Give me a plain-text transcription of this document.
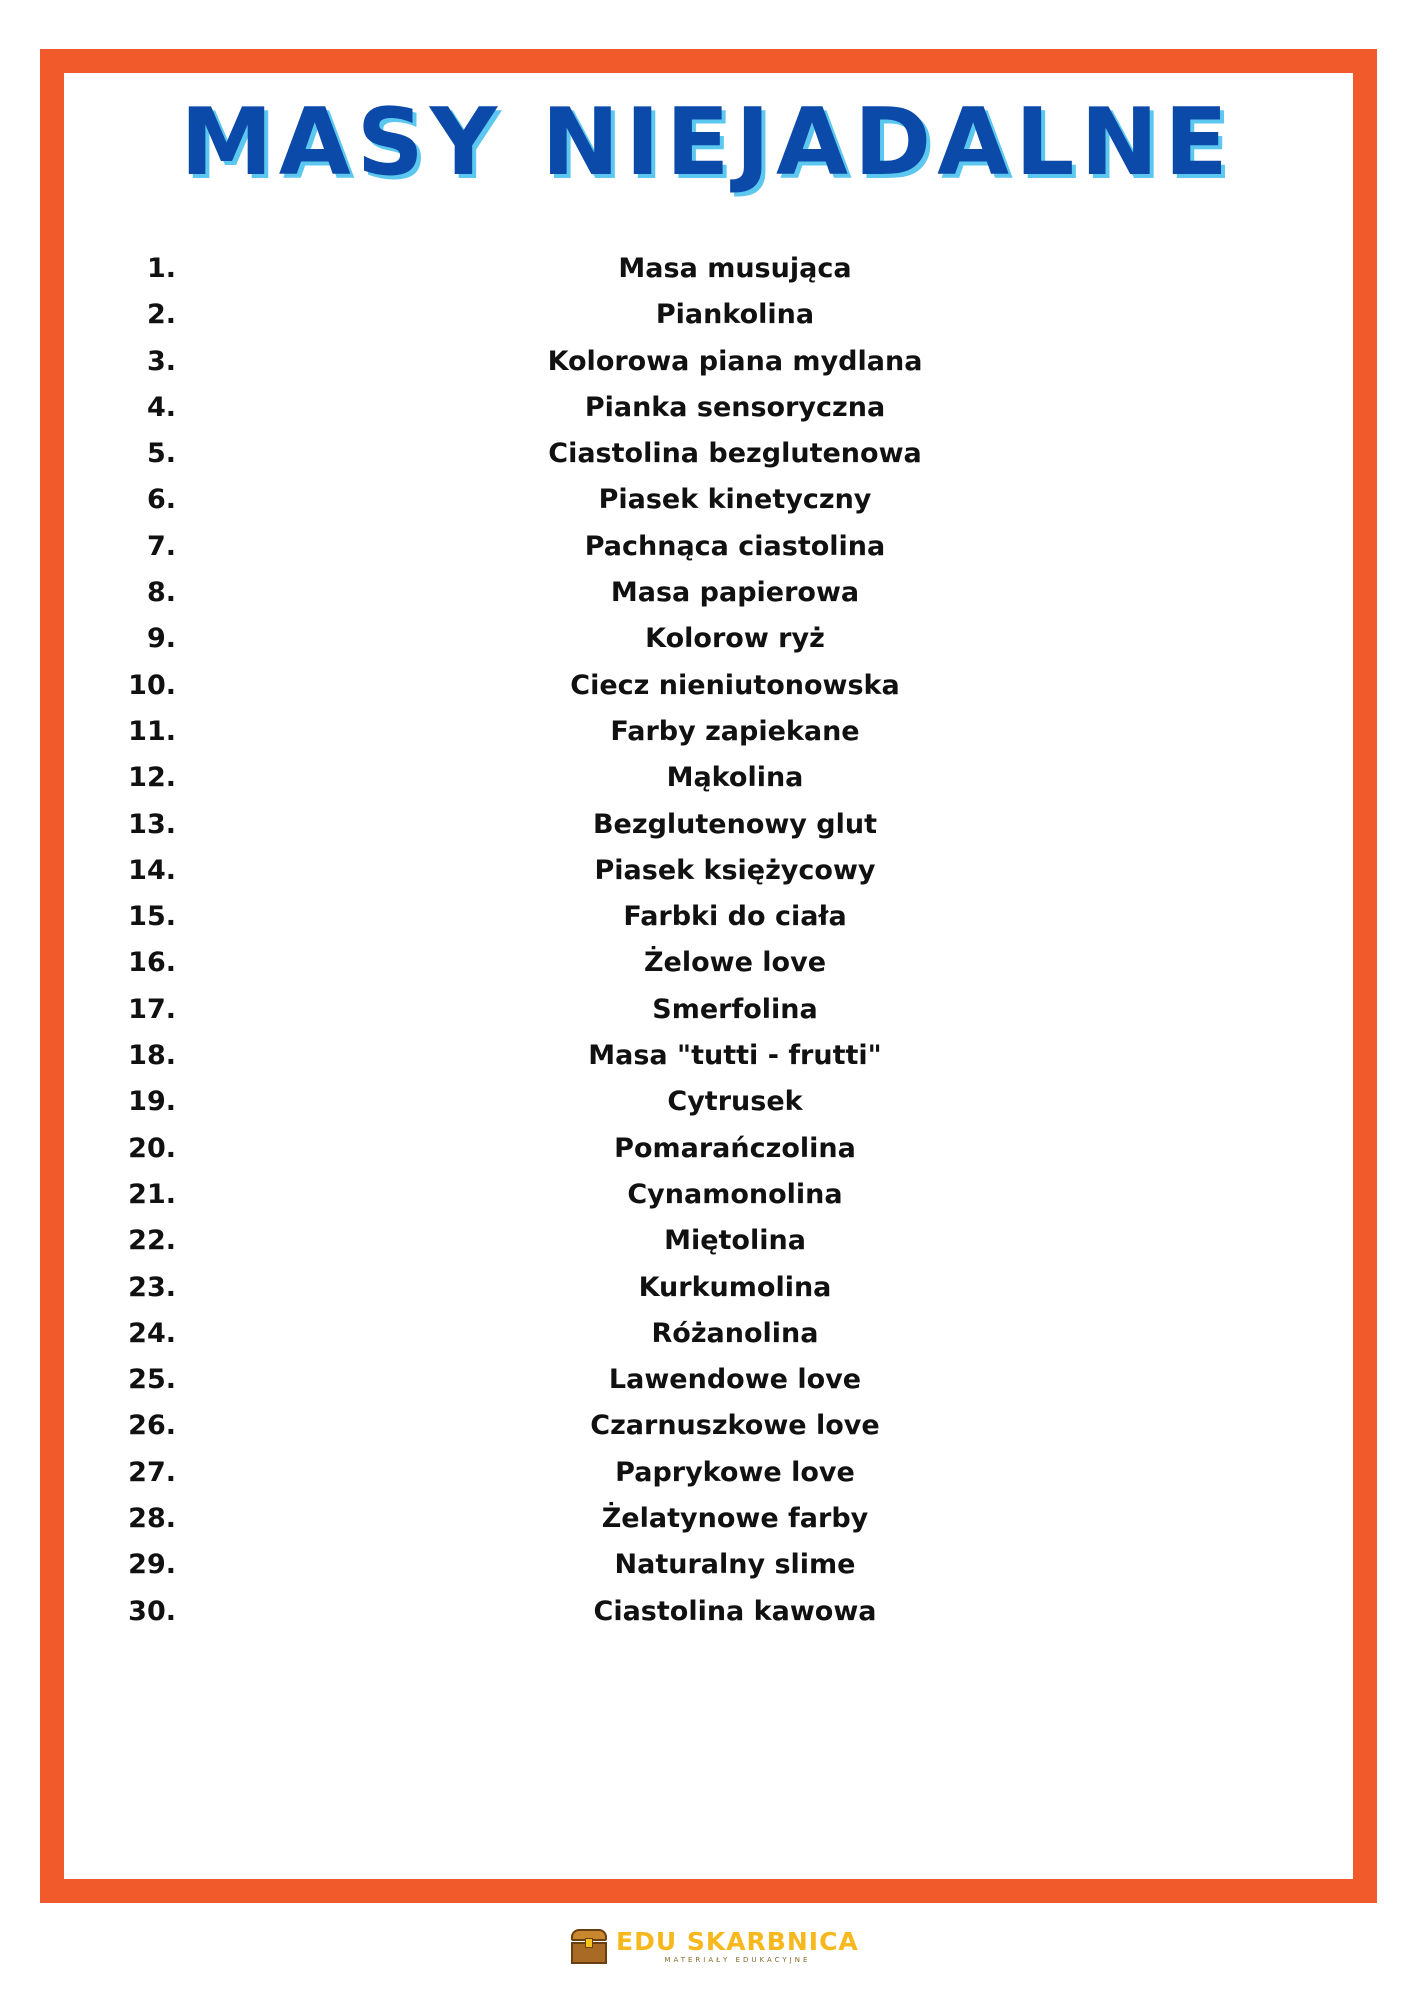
MASY NIEJADALNE
1.	Masa musująca
2.	Piankolina
3.	Kolorowa piana mydlana
4.	Pianka sensoryczna
5.	Ciastolina bezglutenowa
6.	Piasek kinetyczny
7.	Pachnąca ciastolina
8.	Masa papierowa
9.	Kolorow ryż
10.	Ciecz nieniutonowska
11.	Farby zapiekane
12.	Mąkolina
13.	Bezglutenowy glut
14.	Piasek księżycowy
15.	Farbki do ciała
16.	Żelowe love
17.	Smerfolina
18.	Masa "tutti - frutti"
19.	Cytrusek
20.	Pomarańczolina
21.	Cynamonolina
22.	Miętolina
23.	Kurkumolina
24.	Różanolina
25.	Lawendowe love
26.	Czarnuszkowe love
27.	Paprykowe love
28.	Żelatynowe farby
29.	Naturalny slime
30.	Ciastolina kawowa
EDU SKARBNICA
MATERIAŁY EDUKACYJNE
